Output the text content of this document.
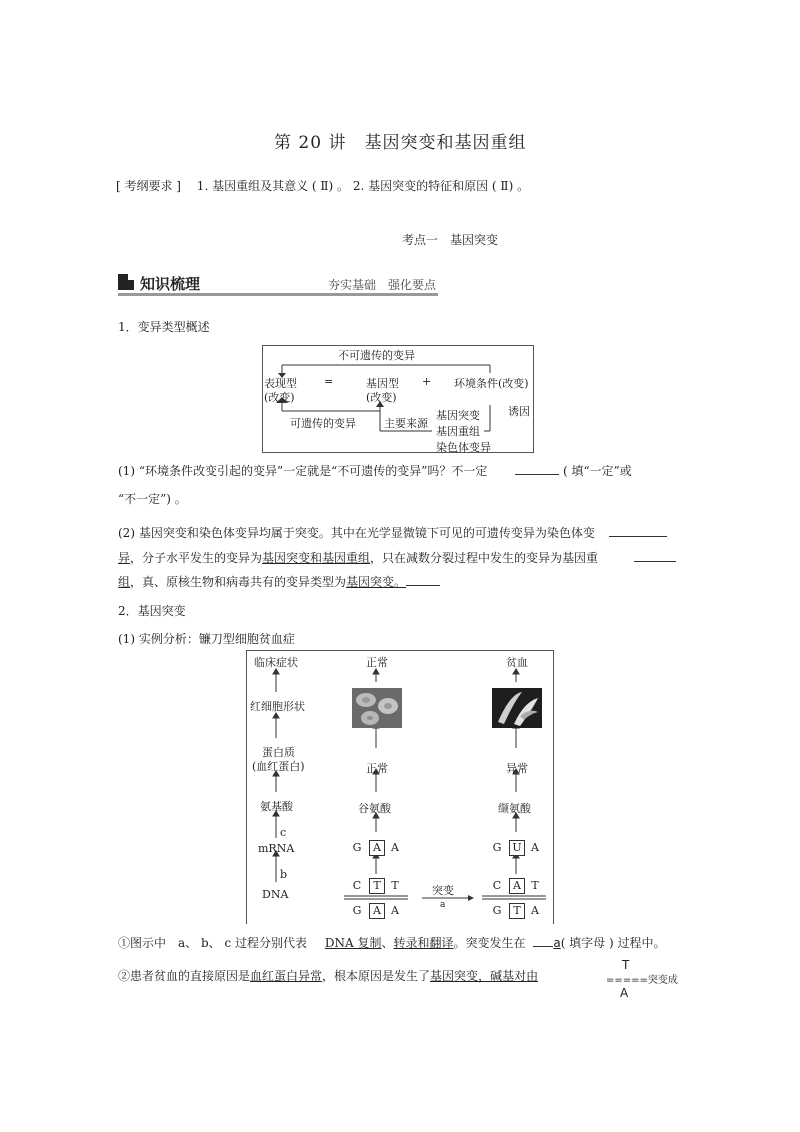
第 20 讲　基因突变和基因重组
[ 考纲要求 ]　 1. 基因重组及其意义 ( Ⅱ) 。 2. 基因突变的特征和原因 ( Ⅱ) 。
考点一　基因突变
知识梳理	夯实基础　强化要点
1．变异类型概述
不可遗传的变异
表现型
(改变)
=	基因型
(改变)
+ 环境条件(改变)
可遗传的变异	主要来源
诱因
基因突变
基因重组
染色体变异
(1) “环境条件改变引起的变异”一定就是“不可遗传的变异”吗？不一定	( 填“一定”或
“不一定”) 。
(2) 基因突变和染色体变异均属于突变。其中在光学显微镜下可见的可遗传变异为染色体变
异，分子水平发生的变异为基因突变和基因重组，只在减数分裂过程中发生的变异为基因重
组，真、原核生物和病毒共有的变异类型为基因突变。
2．基因突变
(1) 实例分析：镰刀型细胞贫血症
临床症状
红细胞形状
蛋白质
(血红蛋白)
氨基酸
c
mRNA
b
DNA
正常
正常
谷氨酸
G	A A
C	T T
G	A A
突变
a
贫血
异常
缬氨酸
G U A
C	A T
G	T A
①图示中　a、 b、 c 过程分别代表 DNA 复制、转录和翻译。突变发生在 a( 填字母 ) 过程中。
②患者贫血的直接原因是血红蛋白异常，根本原因是发生了基因突变，碱基对由
T
=====突变成
A
